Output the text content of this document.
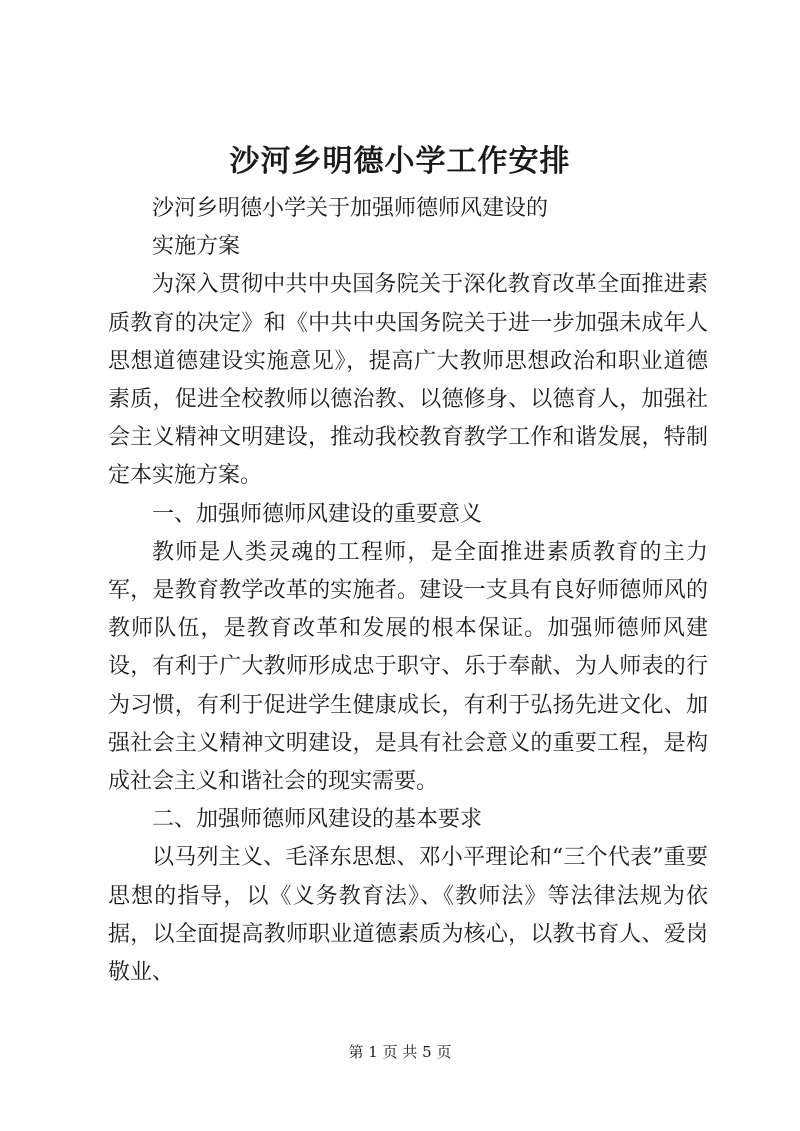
沙河乡明德小学工作安排

沙河乡明德小学关于加强师德师风建设的

实施方案

为深入贯彻中共中央国务院关于深化教育改革全面推进素质教育的决定》和《中共中央国务院关于进一步加强未成年人思想道德建设实施意见》，提高广大教师思想政治和职业道德素质，促进全校教师以德治教、以德修身、以德育人，加强社会主义精神文明建设，推动我校教育教学工作和谐发展，特制定本实施方案。

一、加强师德师风建设的重要意义

教师是人类灵魂的工程师，是全面推进素质教育的主力军，是教育教学改革的实施者。建设一支具有良好师德师风的教师队伍，是教育改革和发展的根本保证。加强师德师风建设，有利于广大教师形成忠于职守、乐于奉献、为人师表的行为习惯，有利于促进学生健康成长，有利于弘扬先进文化、加强社会主义精神文明建设，是具有社会意义的重要工程，是构成社会主义和谐社会的现实需要。

二、加强师德师风建设的基本要求

以马列主义、毛泽东思想、邓小平理论和“三个代表”重要思想的指导，以《义务教育法》、《教师法》等法律法规为依据，以全面提高教师职业道德素质为核心，以教书育人、爱岗敬业、

第 1 页 共 5 页
